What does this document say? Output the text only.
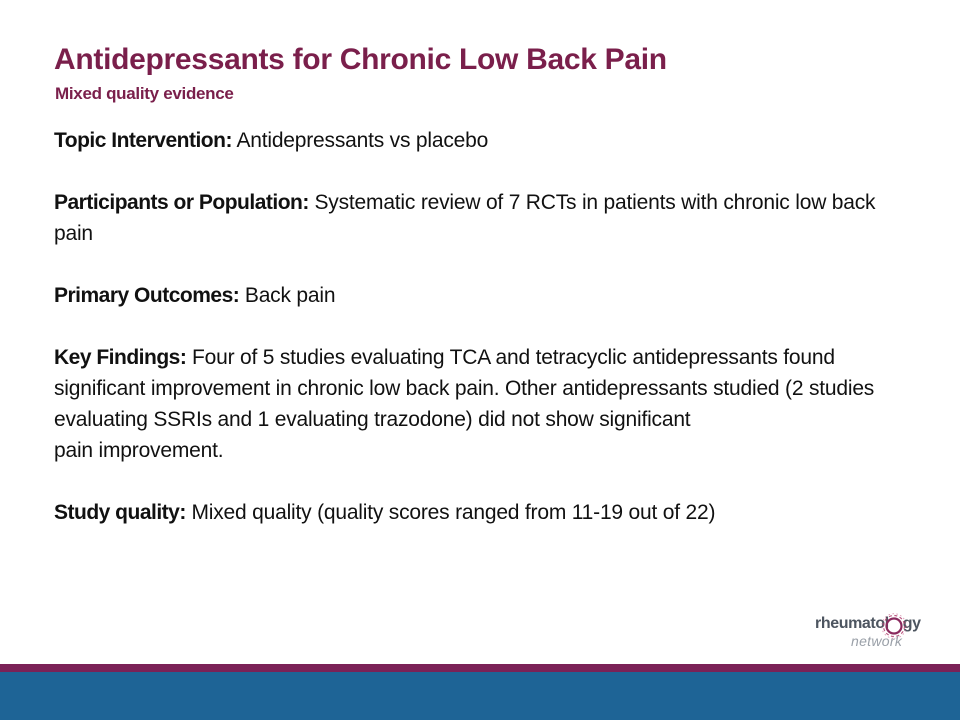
Antidepressants for Chronic Low Back Pain
Mixed quality evidence

Topic Intervention: Antidepressants vs placebo

Participants or Population: Systematic review of 7 RCTs in patients with chronic low back pain

Primary Outcomes: Back pain

Key Findings: Four of 5 studies evaluating TCA and tetracyclic antidepressants found significant improvement in chronic low back pain. Other antidepressants studied (2 studies evaluating SSRIs and 1 evaluating trazodone) did not show significant
pain improvement.

Study quality: Mixed quality (quality scores ranged from 11-19 out of 22)

rheumatol gy
network
